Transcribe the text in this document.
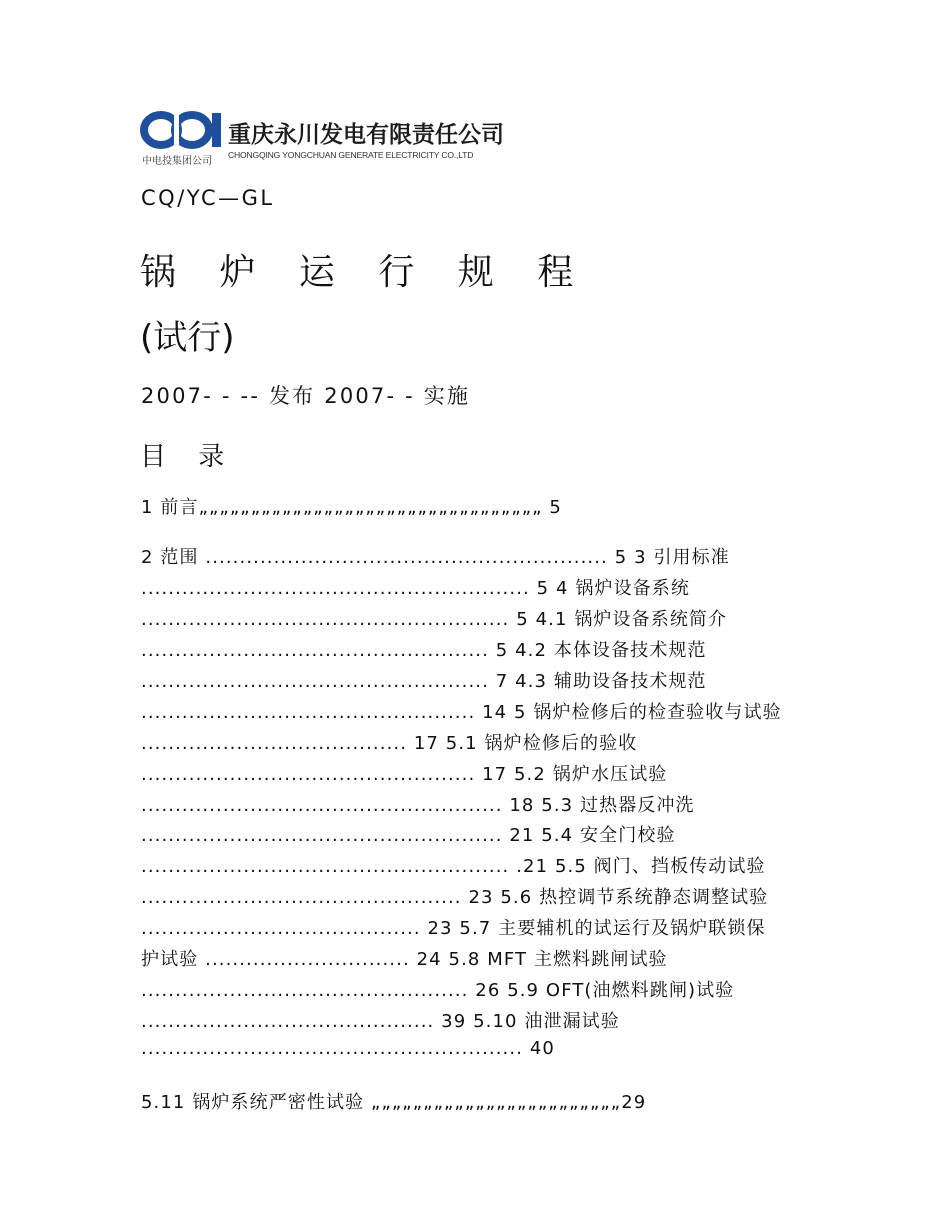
重庆永川发电有限责任公司
CHONGQING YONGCHUAN GENERATE ELECTRICITY CO.,LTD
中电投集团公司
CQ/YC—GL
锅 炉 运 行 规 程
(试行)
2007- - -- 发布 2007- - 实施
目 录
1 前言„„„„„„„„„„„„„„„„„„„„„„„„„„„„„„„„„ 5
2 范围 ........................................................... 5 3 引用标准
......................................................... 5 4 锅炉设备系统
...................................................... 5 4.1 锅炉设备系统简介
................................................... 5 4.2 本体设备技术规范
................................................... 7 4.3 辅助设备技术规范
................................................. 14 5 锅炉检修后的检查验收与试验
....................................... 17 5.1 锅炉检修后的验收
................................................. 17 5.2 锅炉水压试验
..................................................... 18 5.3 过热器反冲洗
..................................................... 21 5.4 安全门校验
...................................................... .21 5.5 阀门、挡板传动试验
............................................... 23 5.6 热控调节系统静态调整试验
......................................... 23 5.7 主要辅机的试运行及锅炉联锁保
护试验 .............................. 24 5.8 MFT 主燃料跳闸试验
................................................ 26 5.9 OFT(油燃料跳闸)试验
........................................... 39 5.10 油泄漏试验
........................................................ 40
5.11 锅炉系统严密性试验 „„„„„„„„„„„„„„„„„„„„„„„„29
